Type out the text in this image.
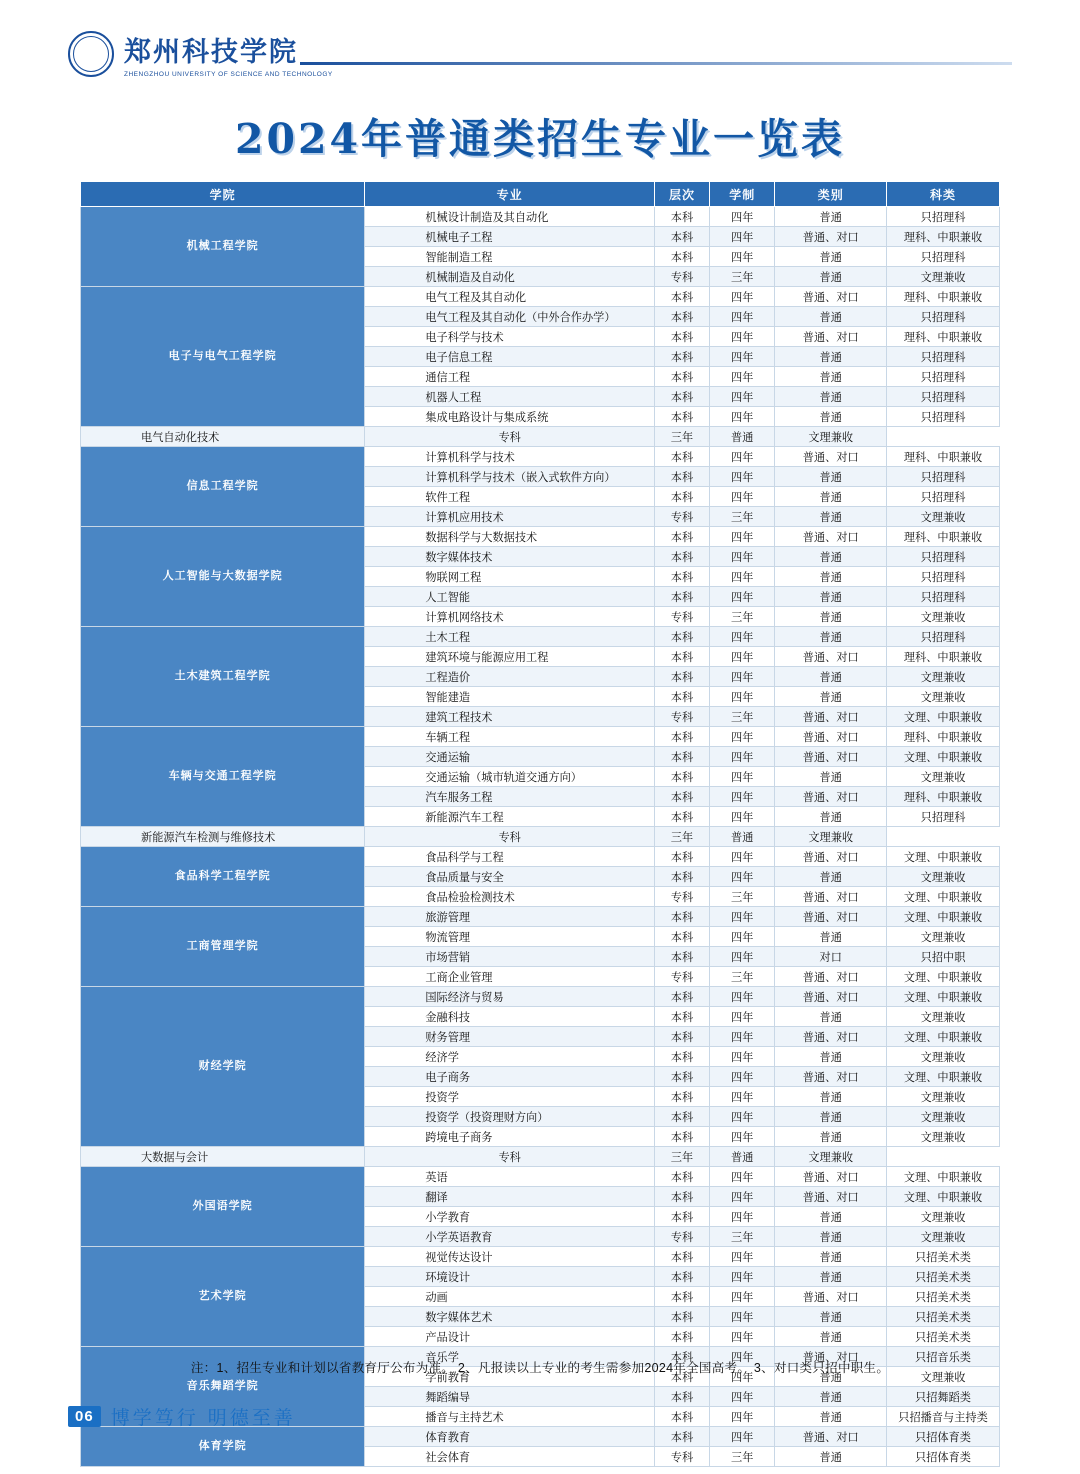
郑州科技学院
ZHENGZHOU UNIVERSITY OF SCIENCE AND TECHNOLOGY
2024年普通类招生专业一览表
学院	专业	层次	学制	类别	科类
机械工程学院	机械设计制造及其自动化	本科	四年	普通	只招理科
	机械电子工程	本科	四年	普通、对口	理科、中职兼收
	智能制造工程	本科	四年	普通	只招理科
	机械制造及自动化	专科	三年	普通	文理兼收
电子与电气工程学院	电气工程及其自动化	本科	四年	普通、对口	理科、中职兼收
	电气工程及其自动化（中外合作办学）	本科	四年	普通	只招理科
	电子科学与技术	本科	四年	普通、对口	理科、中职兼收
	电子信息工程	本科	四年	普通	只招理科
	通信工程	本科	四年	普通	只招理科
	机器人工程	本科	四年	普通	只招理科
	集成电路设计与集成系统	本科	四年	普通	只招理科
电气自动化技术	专科	三年	普通	文理兼收	
信息工程学院	计算机科学与技术	本科	四年	普通、对口	理科、中职兼收
	计算机科学与技术（嵌入式软件方向）	本科	四年	普通	只招理科
	软件工程	本科	四年	普通	只招理科
	计算机应用技术	专科	三年	普通	文理兼收
人工智能与大数据学院	数据科学与大数据技术	本科	四年	普通、对口	理科、中职兼收
	数字媒体技术	本科	四年	普通	只招理科
	物联网工程	本科	四年	普通	只招理科
	人工智能	本科	四年	普通	只招理科
	计算机网络技术	专科	三年	普通	文理兼收
土木建筑工程学院	土木工程	本科	四年	普通	只招理科
	建筑环境与能源应用工程	本科	四年	普通、对口	理科、中职兼收
	工程造价	本科	四年	普通	文理兼收
	智能建造	本科	四年	普通	文理兼收
	建筑工程技术	专科	三年	普通、对口	文理、中职兼收
车辆与交通工程学院	车辆工程	本科	四年	普通、对口	理科、中职兼收
	交通运输	本科	四年	普通、对口	文理、中职兼收
	交通运输（城市轨道交通方向）	本科	四年	普通	文理兼收
	汽车服务工程	本科	四年	普通、对口	理科、中职兼收
	新能源汽车工程	本科	四年	普通	只招理科
新能源汽车检测与维修技术	专科	三年	普通	文理兼收	
食品科学工程学院	食品科学与工程	本科	四年	普通、对口	文理、中职兼收
	食品质量与安全	本科	四年	普通	文理兼收
	食品检验检测技术	专科	三年	普通、对口	文理、中职兼收
工商管理学院	旅游管理	本科	四年	普通、对口	文理、中职兼收
	物流管理	本科	四年	普通	文理兼收
	市场营销	本科	四年	对口	只招中职
	工商企业管理	专科	三年	普通、对口	文理、中职兼收
财经学院	国际经济与贸易	本科	四年	普通、对口	文理、中职兼收
	金融科技	本科	四年	普通	文理兼收
	财务管理	本科	四年	普通、对口	文理、中职兼收
	经济学	本科	四年	普通	文理兼收
	电子商务	本科	四年	普通、对口	文理、中职兼收
	投资学	本科	四年	普通	文理兼收
	投资学（投资理财方向）	本科	四年	普通	文理兼收
	跨境电子商务	本科	四年	普通	文理兼收
大数据与会计	专科	三年	普通	文理兼收	
外国语学院	英语	本科	四年	普通、对口	文理、中职兼收
	翻译	本科	四年	普通、对口	文理、中职兼收
	小学教育	本科	四年	普通	文理兼收
	小学英语教育	专科	三年	普通	文理兼收
艺术学院	视觉传达设计	本科	四年	普通	只招美术类
	环境设计	本科	四年	普通	只招美术类
	动画	本科	四年	普通、对口	只招美术类
	数字媒体艺术	本科	四年	普通	只招美术类
	产品设计	本科	四年	普通	只招美术类
音乐舞蹈学院	音乐学	本科	四年	普通、对口	只招音乐类
	学前教育	本科	四年	普通	文理兼收
	舞蹈编导	本科	四年	普通	只招舞蹈类
	播音与主持艺术	本科	四年	普通	只招播音与主持类
体育学院	体育教育	本科	四年	普通、对口	只招体育类
	社会体育	专科	三年	普通	只招体育类
注：1、招生专业和计划以省教育厅公布为准。 2、凡报读以上专业的考生需参加2024年全国高考。 3、对口类只招中职生。
06 博学笃行 明德至善
